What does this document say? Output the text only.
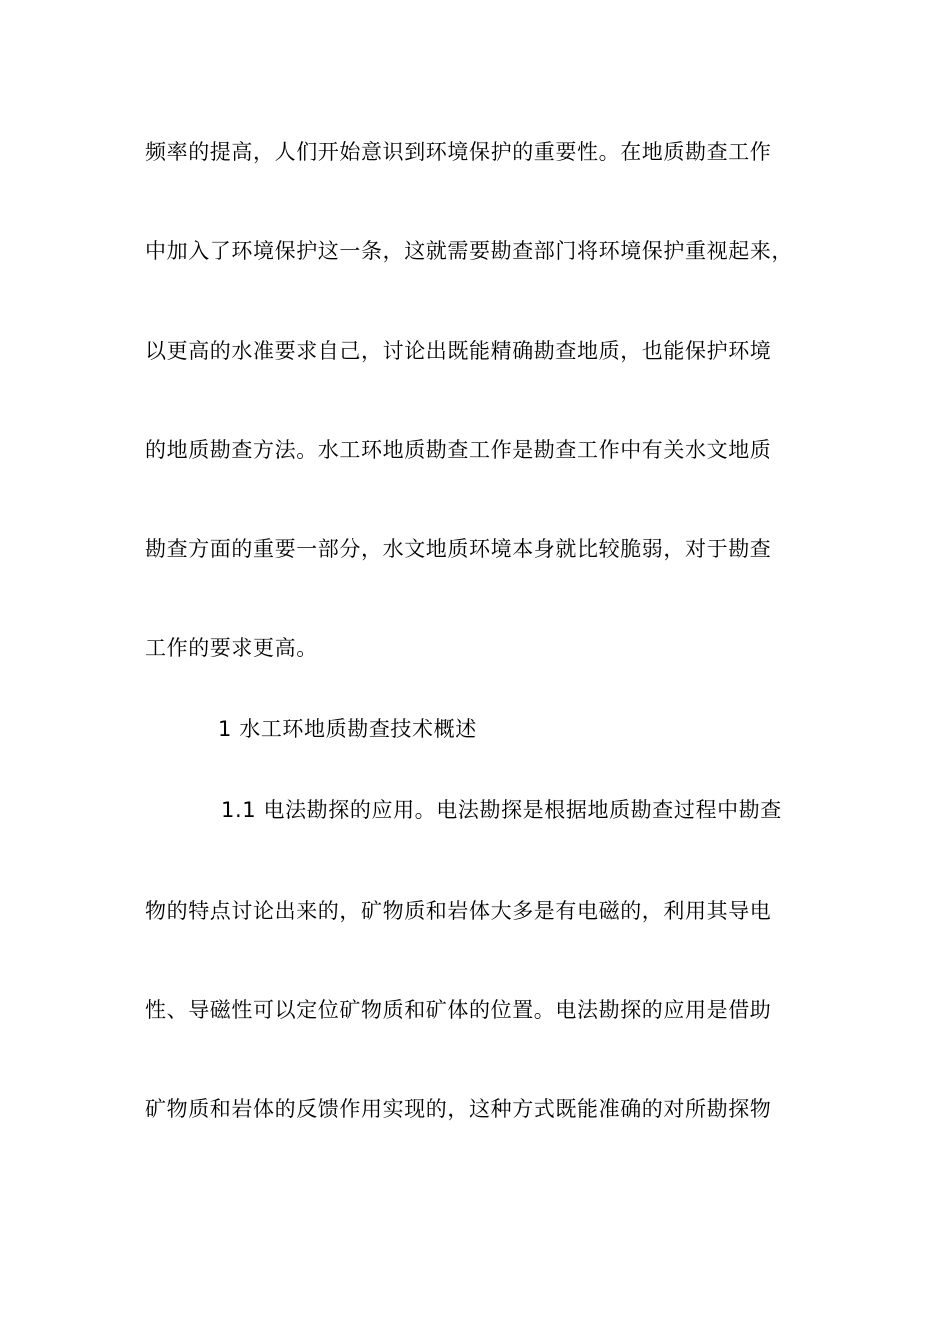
频率的提高，人们开始意识到环境保护的重要性。在地质勘查工作
中加入了环境保护这一条，这就需要勘查部门将环境保护重视起来，
以更高的水准要求自己，讨论出既能精确勘查地质，也能保护环境
的地质勘查方法。水工环地质勘查工作是勘查工作中有关水文地质
勘查方面的重要一部分，水文地质环境本身就比较脆弱，对于勘查
工作的要求更高。
1 水工环地质勘查技术概述
1.1 电法勘探的应用。电法勘探是根据地质勘查过程中勘查
物的特点讨论出来的，矿物质和岩体大多是有电磁的，利用其导电
性、导磁性可以定位矿物质和矿体的位置。电法勘探的应用是借助
矿物质和岩体的反馈作用实现的，这种方式既能准确的对所勘探物
